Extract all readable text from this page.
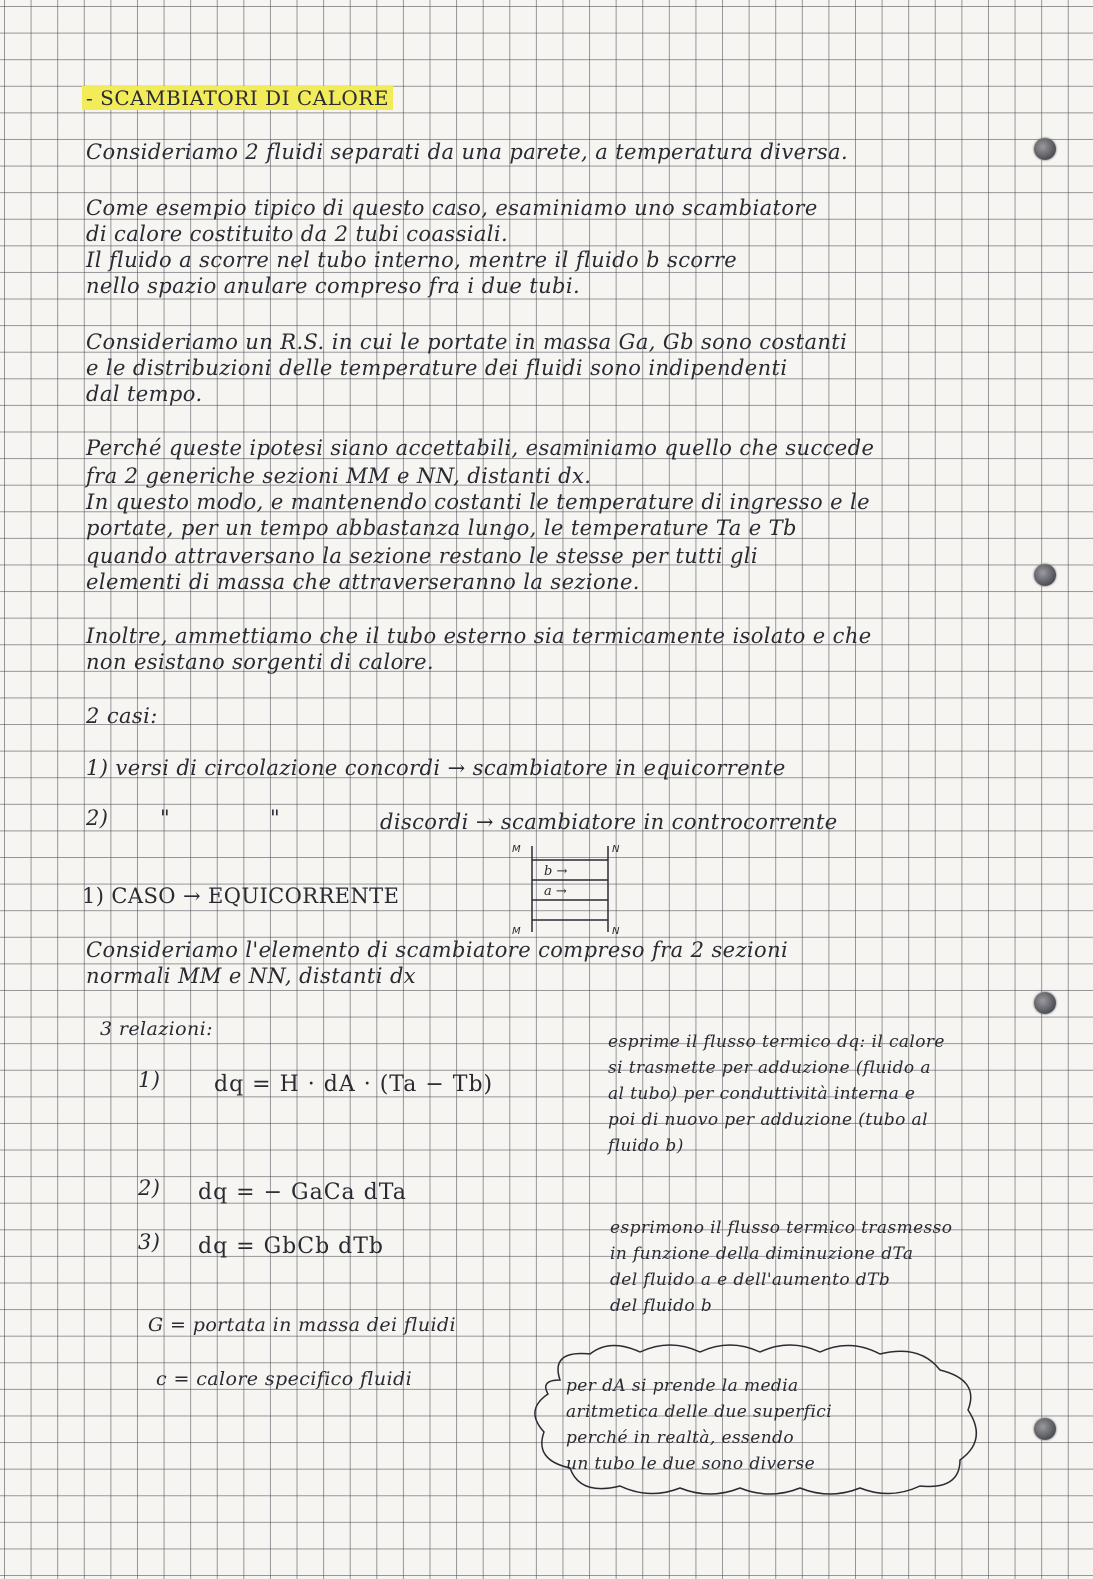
- SCAMBIATORI DI CALORE
Consideriamo 2 fluidi separati da una parete, a temperatura diversa.
Come esempio tipico di questo caso, esaminiamo uno scambiatore
di calore costituito da 2 tubi coassiali.
Il fluido a scorre nel tubo interno, mentre il fluido b scorre
nello spazio anulare compreso fra i due tubi.
Consideriamo un R.S. in cui le portate in massa Ga, Gb sono costanti
e le distribuzioni delle temperature dei fluidi sono indipendenti
dal tempo.
Perché queste ipotesi siano accettabili, esaminiamo quello che succede
fra 2 generiche sezioni MM e NN, distanti dx.
In questo modo, e mantenendo costanti le temperature di ingresso e le
portate, per un tempo abbastanza lungo, le temperature Ta e Tb
quando attraversano la sezione restano le stesse per tutti gli
elementi di massa che attraverseranno la sezione.
Inoltre, ammettiamo che il tubo esterno sia termicamente isolato e che
non esistano sorgenti di calore.
2 casi:
1) versi di circolazione concordi → scambiatore in equicorrente
2) "	"	discordi → scambiatore in controcorrente
M	N
M	N
b →
a →
1) CASO → EQUICORRENTE
Consideriamo l'elemento di scambiatore compreso fra 2 sezioni
normali MM e NN, distanti dx
3 relazioni:
1) dq = H · dA · (Ta − Tb)
2) dq = − GaCa dTa
3) dq = GbCb dTb
esprime il flusso termico dq: il calore
si trasmette per adduzione (fluido a
al tubo) per conduttività interna e
poi di nuovo per adduzione (tubo al
fluido b)
esprimono il flusso termico trasmesso
in funzione della diminuzione dTa
del fluido a e dell'aumento dTb
del fluido b
G = portata in massa dei fluidi
c = calore specifico fluidi	per dA si prende la media
aritmetica delle due superfici
perché in realtà, essendo
un tubo le due sono diverse
